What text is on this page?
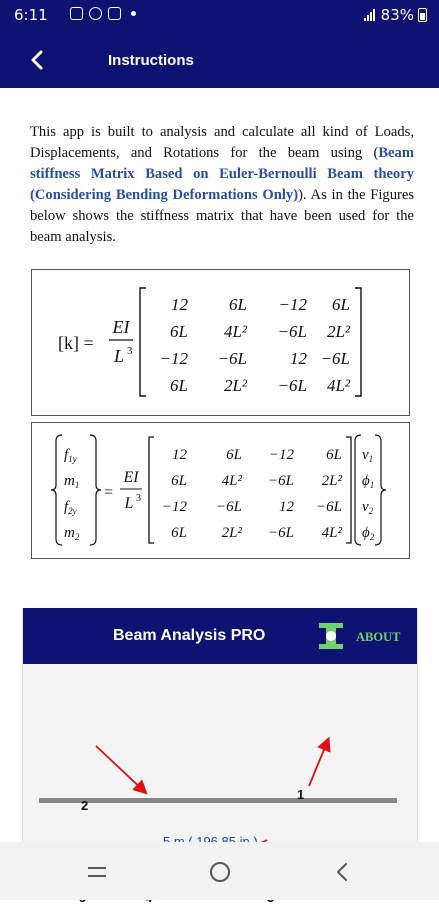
6:11	83%
Instructions

This app is built to analysis and calculate all kind of Loads, Displacements, and Rotations for the beam using (Beam stiffness Matrix Based on Euler-Bernoulli Beam theory (Considering Bending Deformations Only)). As in the Figures below shows the stiffness matrix that have been used for the beam analysis.

[k] =
EI
L 3
12 6L −12 6L
6L 4L² −6L 2L²
−12 −6L	12 −6L
6L 2L² −6L 4L²
$f_{1y}$
$m_1$
$f_{2y}$
$m_2$
=
EI
L 3
12	6L −12 6L
6L 4L² −6L 2L²
−12 −6L 12 −6L
6L 2L² −6L 4L²
$v_1$
$\phi_1$
$v_2$
$\phi_2$
Beam Analysis PRO	ABOUT
1
2
